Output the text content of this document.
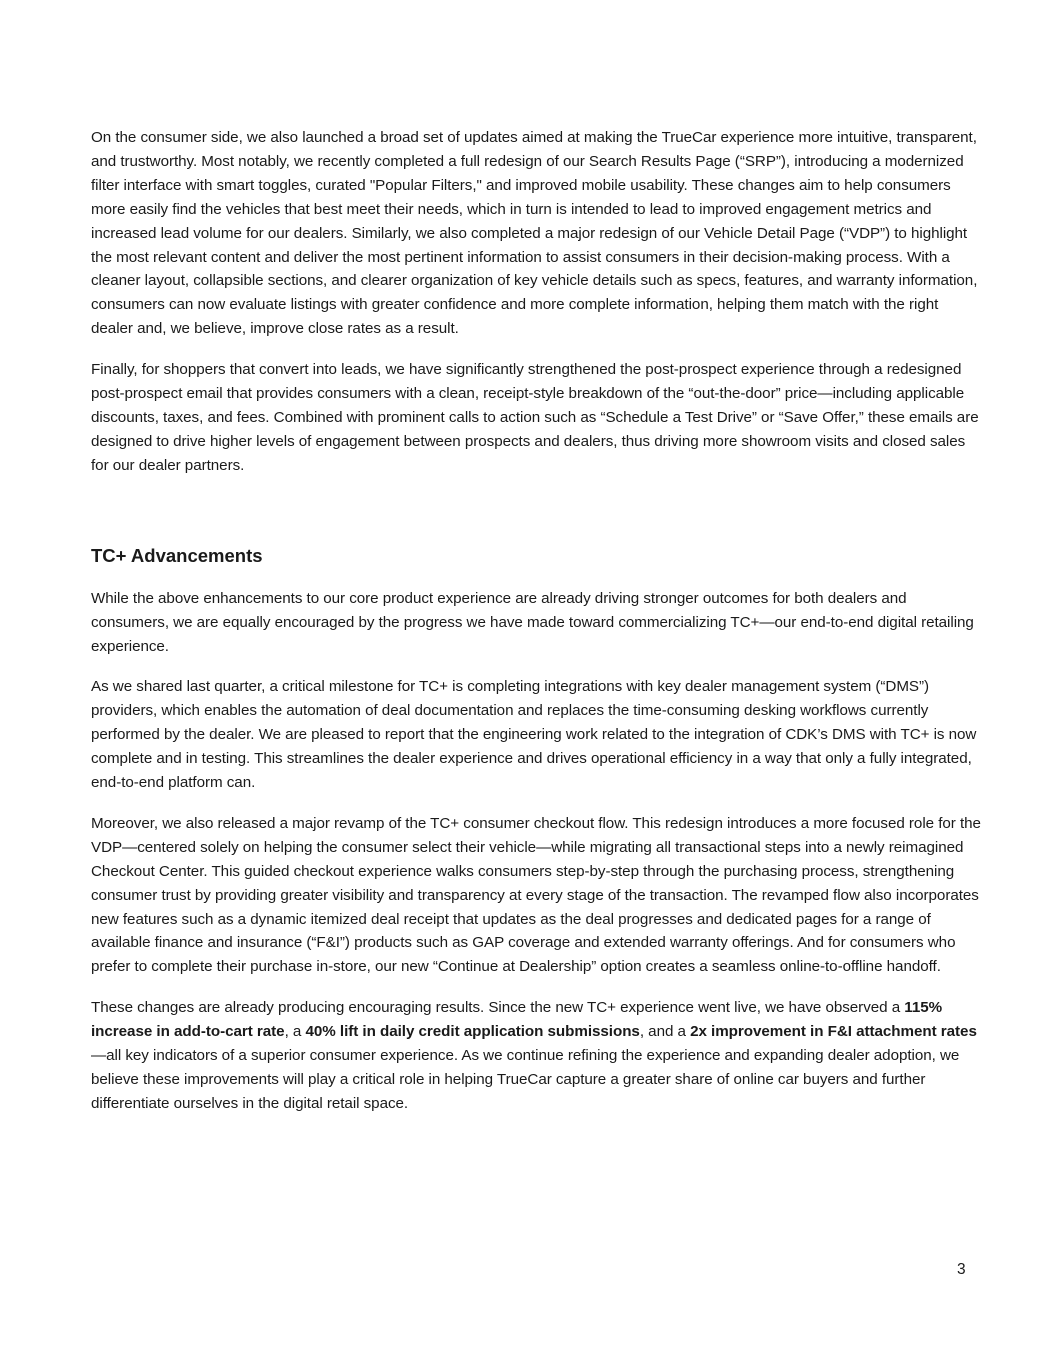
On the consumer side, we also launched a broad set of updates aimed at making the TrueCar experience more intuitive, transparent, and trustworthy. Most notably, we recently completed a full redesign of our Search Results Page (“SRP”), introducing a modernized filter interface with smart toggles, curated "Popular Filters," and improved mobile usability. These changes aim to help consumers more easily find the vehicles that best meet their needs, which in turn is intended to lead to improved engagement metrics and increased lead volume for our dealers. Similarly, we also completed a major redesign of our Vehicle Detail Page (“VDP”) to highlight the most relevant content and deliver the most pertinent information to assist consumers in their decision-making process. With a cleaner layout, collapsible sections, and clearer organization of key vehicle details such as specs, features, and warranty information, consumers can now evaluate listings with greater confidence and more complete information, helping them match with the right dealer and, we believe, improve close rates as a result.

Finally, for shoppers that convert into leads, we have significantly strengthened the post-prospect experience through a redesigned post-prospect email that provides consumers with a clean, receipt-style breakdown of the “out-the-door” price—including applicable discounts, taxes, and fees. Combined with prominent calls to action such as “Schedule a Test Drive” or “Save Offer,” these emails are designed to drive higher levels of engagement between prospects and dealers, thus driving more showroom visits and closed sales for our dealer partners.

TC+ Advancements

While the above enhancements to our core product experience are already driving stronger outcomes for both dealers and consumers, we are equally encouraged by the progress we have made toward commercializing TC+—our end-to-end digital retailing experience.

As we shared last quarter, a critical milestone for TC+ is completing integrations with key dealer management system (“DMS”) providers, which enables the automation of deal documentation and replaces the time-consuming desking workflows currently performed by the dealer. We are pleased to report that the engineering work related to the integration of CDK’s DMS with TC+ is now complete and in testing. This streamlines the dealer experience and drives operational efficiency in a way that only a fully integrated, end-to-end platform can.

Moreover, we also released a major revamp of the TC+ consumer checkout flow. This redesign introduces a more focused role for the VDP—centered solely on helping the consumer select their vehicle—while migrating all transactional steps into a newly reimagined Checkout Center. This guided checkout experience walks consumers step-by-step through the purchasing process, strengthening consumer trust by providing greater visibility and transparency at every stage of the transaction. The revamped flow also incorporates new features such as a dynamic itemized deal receipt that updates as the deal progresses and dedicated pages for a range of available finance and insurance (“F&I”) products such as GAP coverage and extended warranty offerings. And for consumers who prefer to complete their purchase in-store, our new “Continue at Dealership” option creates a seamless online-to-offline handoff.

These changes are already producing encouraging results. Since the new TC+ experience went live, we have observed a 115% increase in add-to-cart rate, a 40% lift in daily credit application submissions, and a 2x improvement in F&I attachment rates—all key indicators of a superior consumer experience. As we continue refining the experience and expanding dealer adoption, we believe these improvements will play a critical role in helping TrueCar capture a greater share of online car buyers and further differentiate ourselves in the digital retail space.

3
